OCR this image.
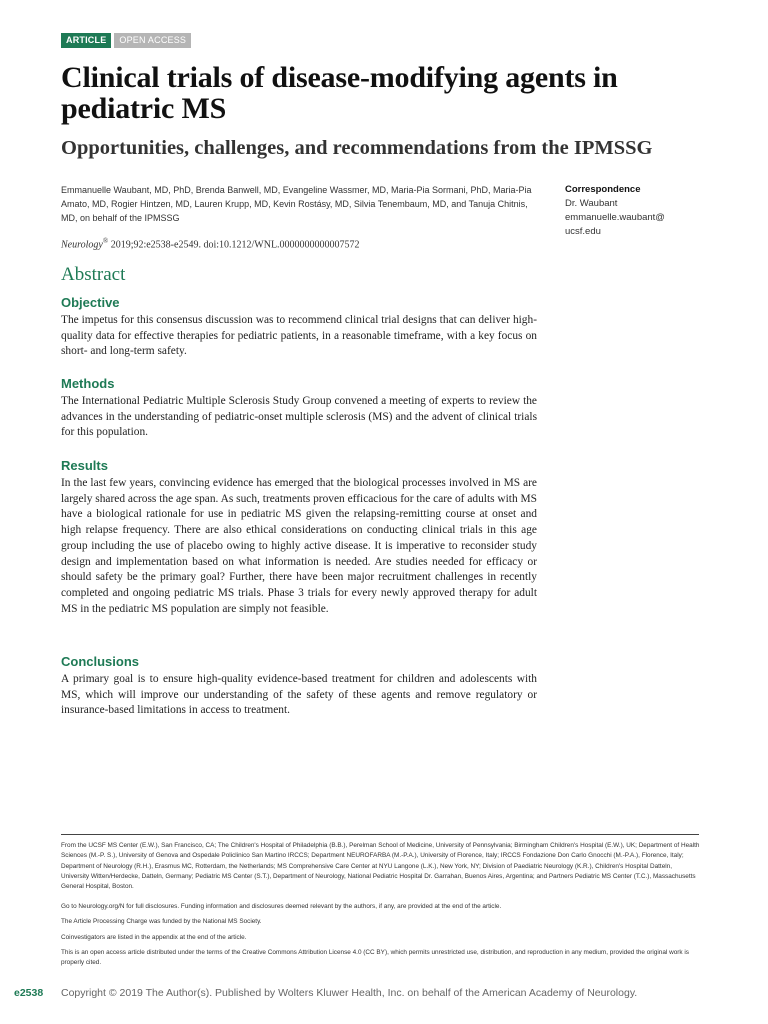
ARTICLE	OPEN ACCESS
Clinical trials of disease-modifying agents in pediatric MS
Opportunities, challenges, and recommendations from the IPMSSG
Emmanuelle Waubant, MD, PhD, Brenda Banwell, MD, Evangeline Wassmer, MD, Maria-Pia Sormani, PhD, Maria-Pia Amato, MD, Rogier Hintzen, MD, Lauren Krupp, MD, Kevin Rostásy, MD, Silvia Tenembaum, MD, and Tanuja Chitnis, MD, on behalf of the IPMSSG
Neurology® 2019;92:e2538-e2549. doi:10.1212/WNL.0000000000007572
Correspondence
Dr. Waubant
emmanuelle.waubant@
ucsf.edu
Abstract
Objective

The impetus for this consensus discussion was to recommend clinical trial designs that can deliver high-quality data for effective therapies for pediatric patients, in a reasonable timeframe, with a key focus on short- and long-term safety.

Methods

The International Pediatric Multiple Sclerosis Study Group convened a meeting of experts to review the advances in the understanding of pediatric-onset multiple sclerosis (MS) and the advent of clinical trials for this population.

Results

In the last few years, convincing evidence has emerged that the biological processes involved in MS are largely shared across the age span. As such, treatments proven efficacious for the care of adults with MS have a biological rationale for use in pediatric MS given the relapsing-remitting course at onset and high relapse frequency. There are also ethical considerations on conducting clinical trials in this age group including the use of placebo owing to highly active disease. It is imperative to reconsider study design and implementation based on what information is needed. Are studies needed for efficacy or should safety be the primary goal? Further, there have been major recruitment challenges in recently completed and ongoing pediatric MS trials. Phase 3 trials for every newly approved therapy for adult MS in the pediatric MS population are simply not feasible.

Conclusions

A primary goal is to ensure high-quality evidence-based treatment for children and adolescents with MS, which will improve our understanding of the safety of these agents and remove regulatory or insurance-based limitations in access to treatment.

From the UCSF MS Center (E.W.), San Francisco, CA; The Children's Hospital of Philadelphia (B.B.), Perelman School of Medicine, University of Pennsylvania; Birmingham Children's Hospital (E.W.), UK; Department of Health Sciences (M.-P. S.), University of Genova and Ospedale Policlinico San Martino IRCCS; Department NEUROFARBA (M.-P.A.), University of Florence, Italy; IRCCS Fondazione Don Carlo Gnocchi (M.-P.A.), Florence, Italy; Department of Neurology (R.H.), Erasmus MC, Rotterdam, the Netherlands; MS Comprehensive Care Center at NYU Langone (L.K.), New York, NY; Division of Paediatric Neurology (K.R.), Children's Hospital Datteln, University Witten/Herdecke, Datteln, Germany; Pediatric MS Center (S.T.), Department of Neurology, National Pediatric Hospital Dr. Garrahan, Buenos Aires, Argentina; and Partners Pediatric MS Center (T.C.), Massachusetts General Hospital, Boston.

Go to Neurology.org/N for full disclosures. Funding information and disclosures deemed relevant by the authors, if any, are provided at the end of the article.

The Article Processing Charge was funded by the National MS Society.

Coinvestigators are listed in the appendix at the end of the article.

This is an open access article distributed under the terms of the Creative Commons Attribution License 4.0 (CC BY), which permits unrestricted use, distribution, and reproduction in any medium, provided the original work is properly cited.

e2538 Copyright © 2019 The Author(s). Published by Wolters Kluwer Health, Inc. on behalf of the American Academy of Neurology.
